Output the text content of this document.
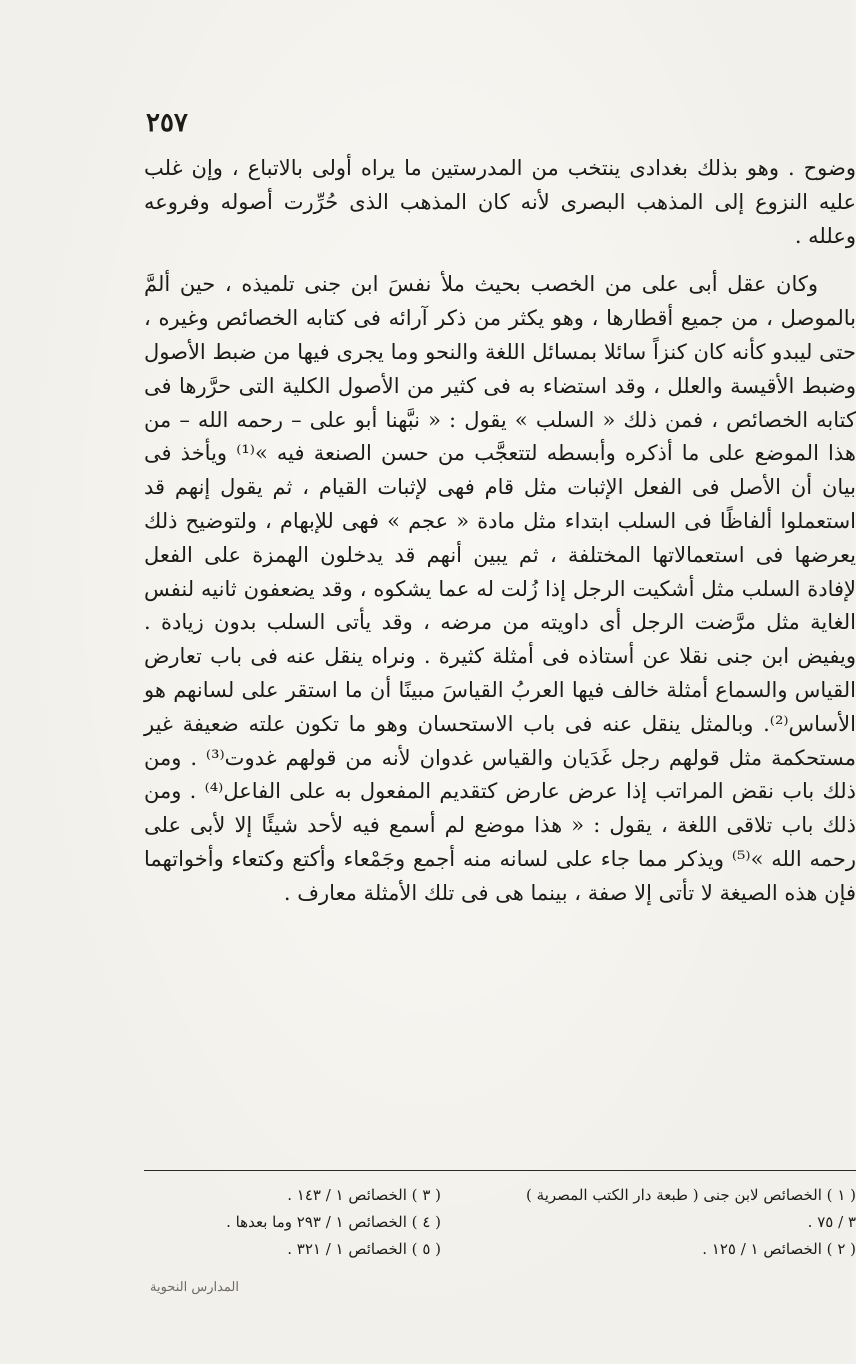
٢٥٧

وضوح . وهو بذلك بغدادى ينتخب من المدرستين ما يراه أولى بالاتباع ، وإن غلب عليه النزوع إلى المذهب البصرى لأنه كان المذهب الذى حُرِّرت أصوله وفروعه وعلله .

وكان عقل أبى على من الخصب بحيث ملأ نفسَ ابن جنى تلميذه ، حين ألمَّ بالموصل ، من جميع أقطارها ، وهو يكثر من ذكر آرائه فى كتابه الخصائص وغيره ، حتى ليبدو كأنه كان كنزاً سائلا بمسائل اللغة والنحو وما يجرى فيها من ضبط الأصول وضبط الأقيسة والعلل ، وقد استضاء به فى كثير من الأصول الكلية التى حرَّرها فى كتابه الخصائص ، فمن ذلك « السلب » يقول : « نبَّهنا أبو على – رحمه الله – من هذا الموضع على ما أذكره وأبسطه لتتعجَّب من حسن الصنعة فيه »⁽¹⁾ ويأخذ فى بيان أن الأصل فى الفعل الإثبات مثل قام فهى لإثبات القيام ، ثم يقول إنهم قد استعملوا ألفاظًا فى السلب ابتداء مثل مادة « عجم » فهى للإبهام ، ولتوضيح ذلك يعرضها فى استعمالاتها المختلفة ، ثم يبين أنهم قد يدخلون الهمزة على الفعل لإفادة السلب مثل أشكيت الرجل إذا زُلت له عما يشكوه ، وقد يضعفون ثانيه لنفس الغاية مثل مرَّضت الرجل أى داويته من مرضه ، وقد يأتى السلب بدون زيادة . ويفيض ابن جنى نقلا عن أستاذه فى أمثلة كثيرة . ونراه ينقل عنه فى باب تعارض القياس والسماع أمثلة خالف فيها العربُ القياسَ مبينًا أن ما استقر على لسانهم هو الأساس⁽²⁾. وبالمثل ينقل عنه فى باب الاستحسان وهو ما تكون علته ضعيفة غير مستحكمة مثل قولهم رجل غَدَيان والقياس غدوان لأنه من قولهم غدوت⁽³⁾ . ومن ذلك باب نقض المراتب إذا عرض عارض كتقديم المفعول به على الفاعل⁽⁴⁾ . ومن ذلك باب تلاقى اللغة ، يقول : « هذا موضع لم أسمع فيه لأحد شيئًا إلا لأبى على رحمه الله »⁽⁵⁾ ويذكر مما جاء على لسانه منه أجمع وجَمْعاء وأكتع وكتعاء وأخواتهما فإن هذه الصيغة لا تأتى إلا صفة ، بينما هى فى تلك الأمثلة معارف .

( ١ ) الخصائص لابن جنى ( طبعة دار الكتب المصرية ) ٣ / ٧٥ .

( ٢ ) الخصائص ١ / ١٢٥ .

( ٣ ) الخصائص ١ / ١٤٣ .

( ٤ ) الخصائص ١ / ٢٩٣ وما بعدها .

( ٥ ) الخصائص ١ / ٣٢١ .

المدارس النحوية
